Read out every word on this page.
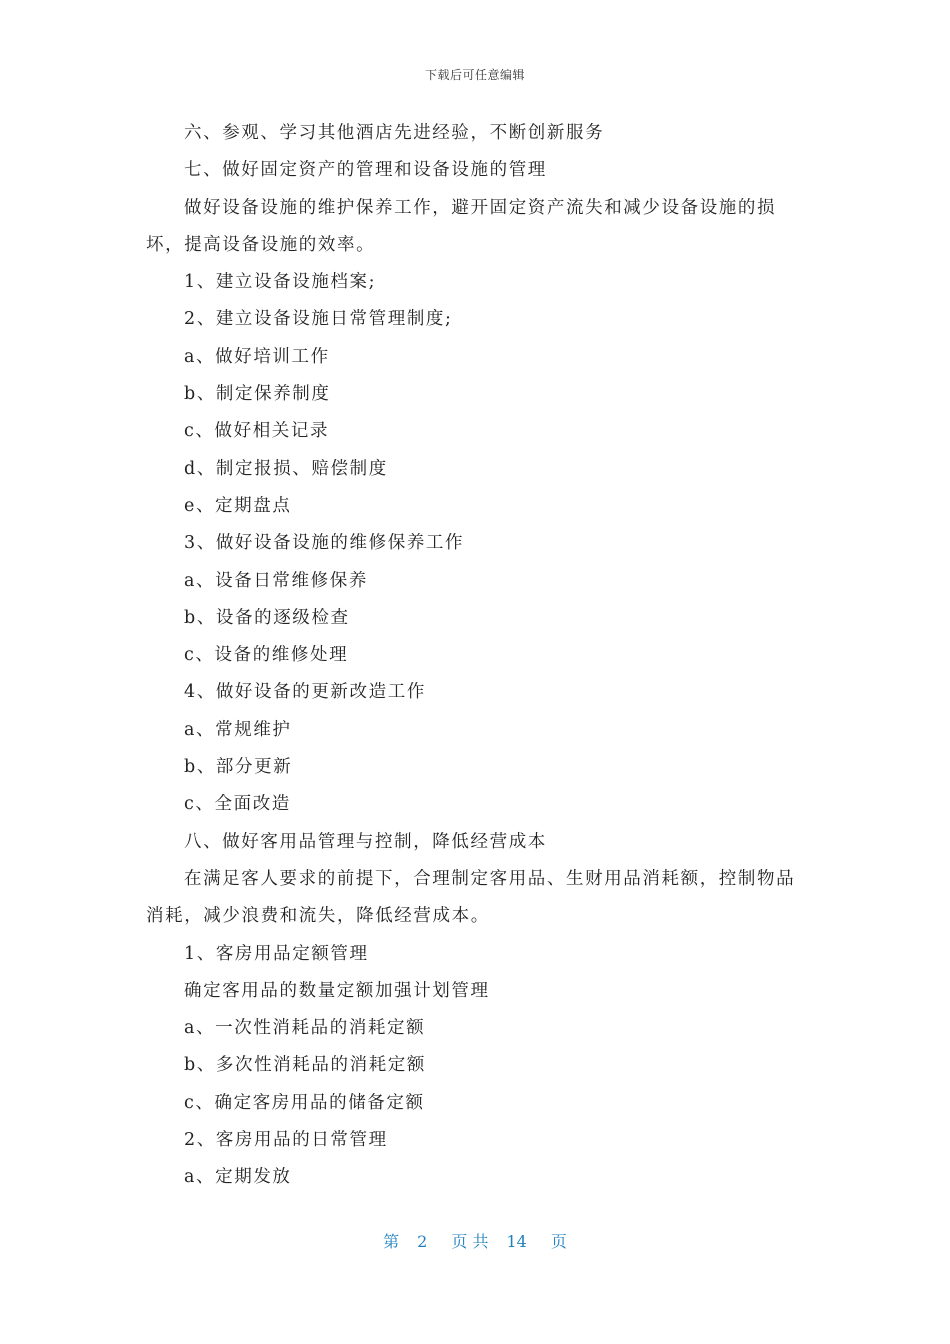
下载后可任意编辑

六、参观、学习其他酒店先进经验，不断创新服务

七、做好固定资产的管理和设备设施的管理

做好设备设施的维护保养工作，避开固定资产流失和减少设备设施的损坏，提高设备设施的效率。

1、建立设备设施档案;

2、建立设备设施日常管理制度;

a、做好培训工作

b、制定保养制度

c、做好相关记录

d、制定报损、赔偿制度

e、定期盘点

3、做好设备设施的维修保养工作

a、设备日常维修保养

b、设备的逐级检查

c、设备的维修处理

4、做好设备的更新改造工作

a、常规维护

b、部分更新

c、全面改造

八、做好客用品管理与控制，降低经营成本

在满足客人要求的前提下，合理制定客用品、生财用品消耗额，控制物品消耗，减少浪费和流失，降低经营成本。

1、客房用品定额管理

确定客用品的数量定额加强计划管理

a、一次性消耗品的消耗定额

b、多次性消耗品的消耗定额

c、确定客房用品的储备定额

2、客房用品的日常管理

a、定期发放

第 2 页 共 14 页
